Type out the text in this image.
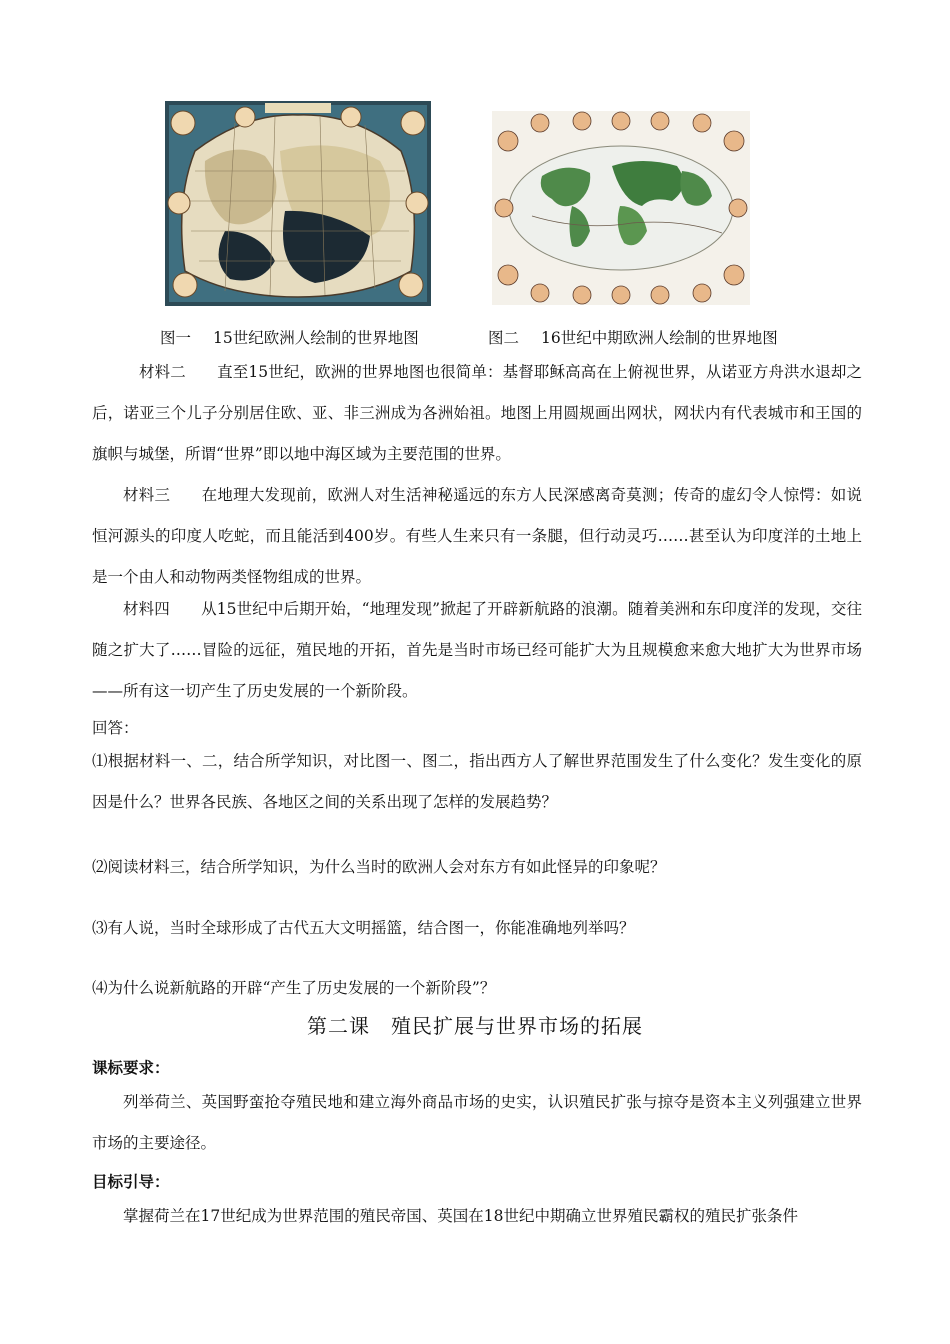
图一 15世纪欧洲人绘制的世界地图	图二 16世纪中期欧洲人绘制的世界地图

材料二　　直至15世纪，欧洲的世界地图也很简单：基督耶稣高高在上俯视世界，从诺亚方舟洪水退却之后，诺亚三个儿子分别居住欧、亚、非三洲成为各洲始祖。地图上用圆规画出网状，网状内有代表城市和王国的旗帜与城堡，所谓“世界”即以地中海区域为主要范围的世界。

材料三　　在地理大发现前，欧洲人对生活神秘遥远的东方人民深感离奇莫测；传奇的虚幻令人惊愕：如说恒河源头的印度人吃蛇，而且能活到400岁。有些人生来只有一条腿，但行动灵巧……甚至认为印度洋的土地上是一个由人和动物两类怪物组成的世界。

材料四　　从15世纪中后期开始，“地理发现”掀起了开辟新航路的浪潮。随着美洲和东印度洋的发现，交往随之扩大了……冒险的远征，殖民地的开拓，首先是当时市场已经可能扩大为且规模愈来愈大地扩大为世界市场——所有这一切产生了历史发展的一个新阶段。

回答：

⑴根据材料一、二，结合所学知识，对比图一、图二，指出西方人了解世界范围发生了什么变化？发生变化的原因是什么？世界各民族、各地区之间的关系出现了怎样的发展趋势？

⑵阅读材料三，结合所学知识，为什么当时的欧洲人会对东方有如此怪异的印象呢？
⑶有人说，当时全球形成了古代五大文明摇篮，结合图一，你能准确地列举吗？
⑷为什么说新航路的开辟“产生了历史发展的一个新阶段”？
第二课　殖民扩展与世界市场的拓展
课标要求：

列举荷兰、英国野蛮抢夺殖民地和建立海外商品市场的史实，认识殖民扩张与掠夺是资本主义列强建立世界市场的主要途径。

目标引导：
掌握荷兰在17世纪成为世界范围的殖民帝国、英国在18世纪中期确立世界殖民霸权的殖民扩张条件
